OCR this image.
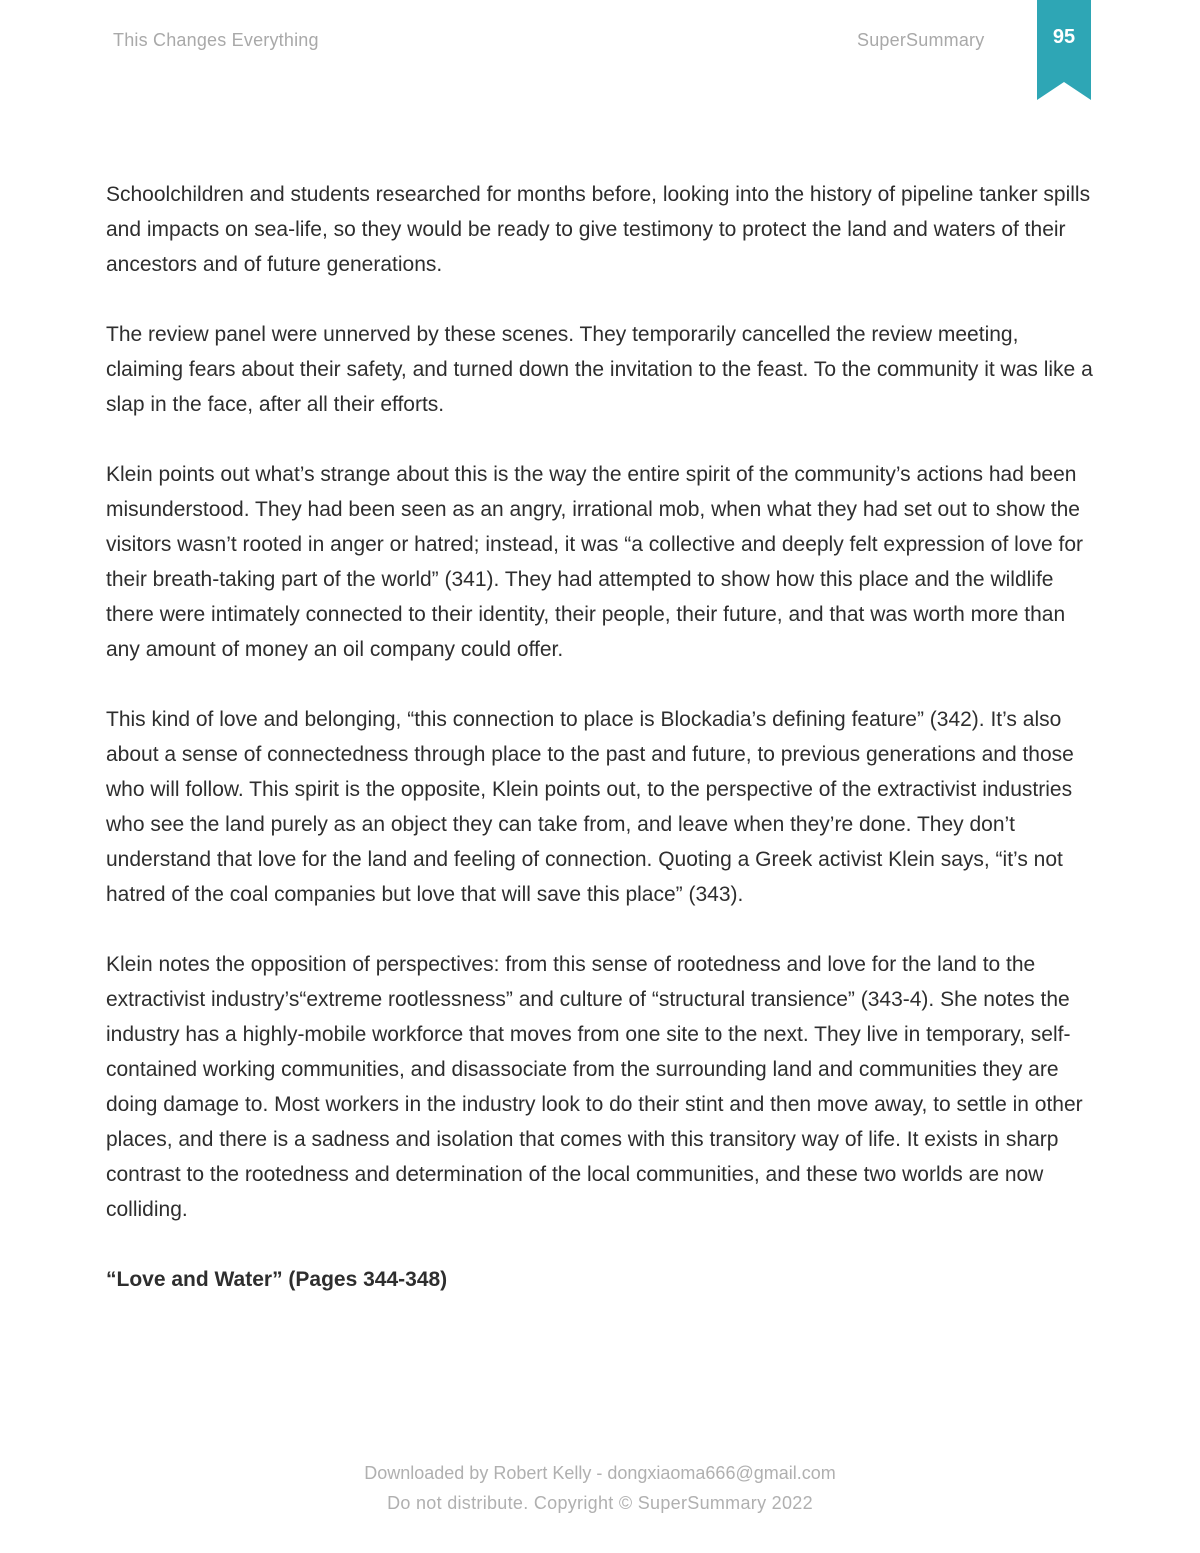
This Changes Everything	SuperSummary	95

Schoolchildren and students researched for months before, looking into the history of pipeline tanker spills and impacts on sea-life, so they would be ready to give testimony to protect the land and waters of their ancestors and of future generations.

The review panel were unnerved by these scenes. They temporarily cancelled the review meeting, claiming fears about their safety, and turned down the invitation to the feast. To the community it was like a slap in the face, after all their efforts.

Klein points out what’s strange about this is the way the entire spirit of the community’s actions had been misunderstood. They had been seen as an angry, irrational mob, when what they had set out to show the visitors wasn’t rooted in anger or hatred; instead, it was “a collective and deeply felt expression of love for their breath-taking part of the world” (341). They had attempted to show how this place and the wildlife there were intimately connected to their identity, their people, their future, and that was worth more than any amount of money an oil company could offer.

This kind of love and belonging, “this connection to place is Blockadia’s defining feature” (342). It’s also about a sense of connectedness through place to the past and future, to previous generations and those who will follow. This spirit is the opposite, Klein points out, to the perspective of the extractivist industries who see the land purely as an object they can take from, and leave when they’re done. They don’t understand that love for the land and feeling of connection. Quoting a Greek activist Klein says, “it’s not hatred of the coal companies but love that will save this place” (343).

Klein notes the opposition of perspectives: from this sense of rootedness and love for the land to the extractivist industry’s“extreme rootlessness” and culture of “structural transience” (343-4). She notes the industry has a highly-mobile workforce that moves from one site to the next. They live in temporary, self-contained working communities, and disassociate from the surrounding land and communities they are doing damage to. Most workers in the industry look to do their stint and then move away, to settle in other places, and there is a sadness and isolation that comes with this transitory way of life. It exists in sharp contrast to the rootedness and determination of the local communities, and these two worlds are now colliding.

“Love and Water” (Pages 344-348)

Downloaded by Robert Kelly - dongxiaoma666@gmail.com
Do not distribute. Copyright © SuperSummary 2022
